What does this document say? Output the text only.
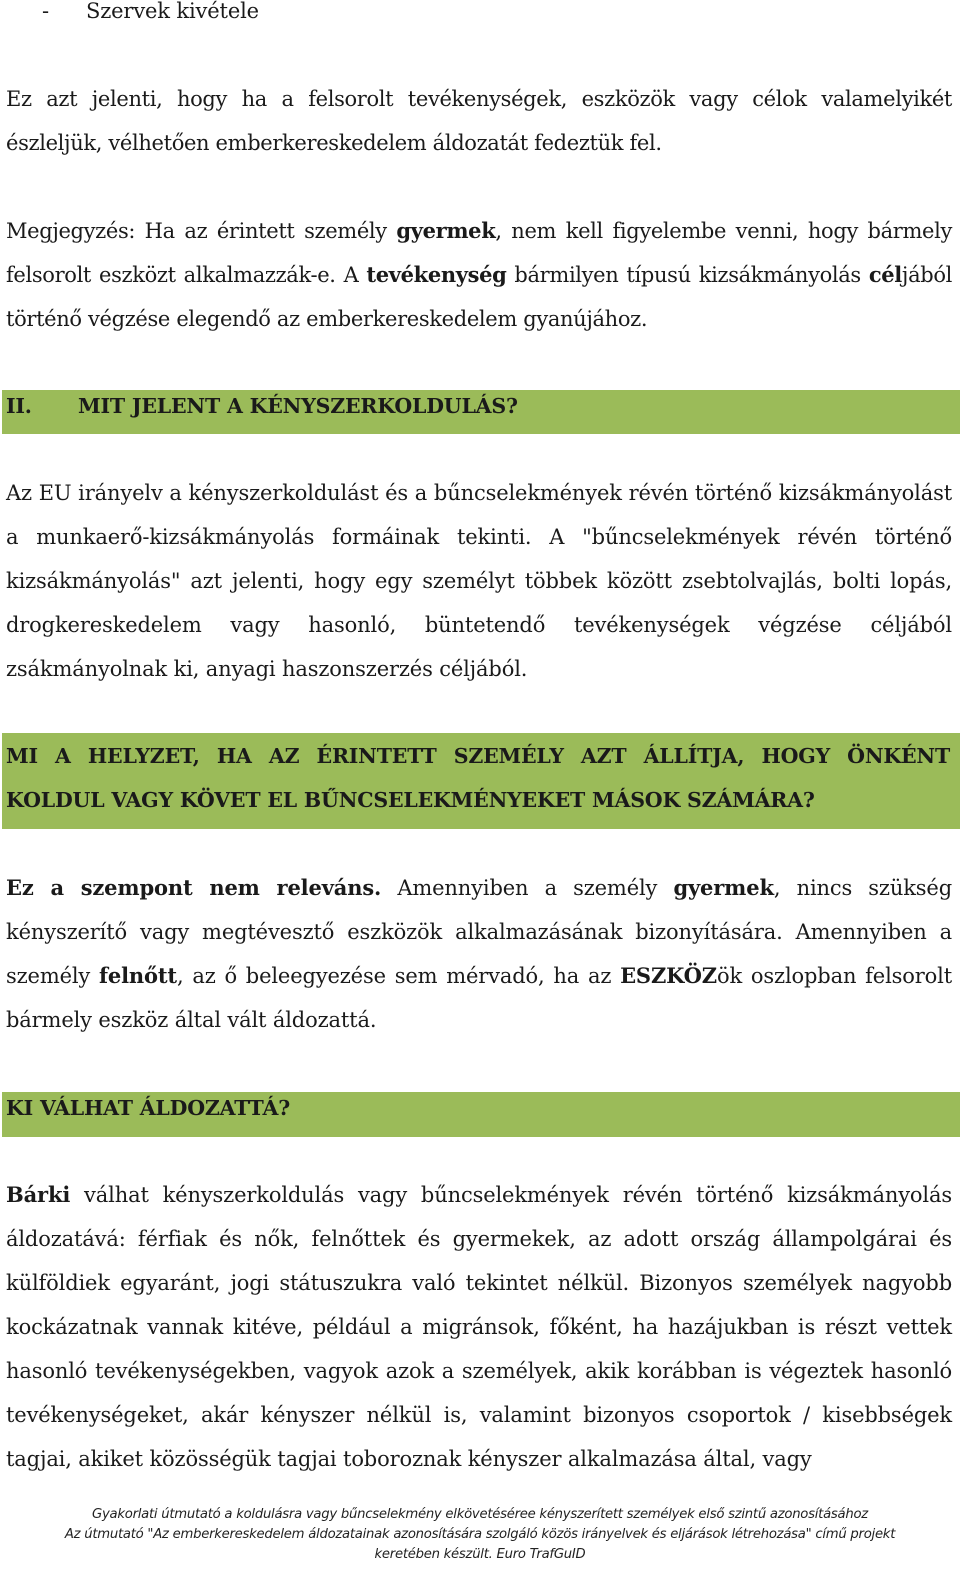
- Szervek kivétele

Ez azt jelenti, hogy ha a felsorolt tevékenységek, eszközök vagy célok valamelyikét észleljük, vélhetően emberkereskedelem áldozatát fedeztük fel.

Megjegyzés: Ha az érintett személy gyermek, nem kell figyelembe venni, hogy bármely felsorolt eszközt alkalmazzák-e. A tevékenység bármilyen típusú kizsákmányolás céljából történő végzése elegendő az emberkereskedelem gyanújához.

II. MIT JELENT A KÉNYSZERKOLDULÁS?

Az EU irányelv a kényszerkoldulást és a bűncselekmények révén történő kizsákmányolást a munkaerő-kizsákmányolás formáinak tekinti. A "bűncselekmények révén történő kizsákmányolás" azt jelenti, hogy egy személyt többek között zsebtolvajlás, bolti lopás, drogkereskedelem vagy hasonló, büntetendő tevékenységek végzése céljából zsákmányolnak ki, anyagi haszonszerzés céljából.

MI A HELYZET, HA AZ ÉRINTETT SZEMÉLY AZT ÁLLÍTJA, HOGY ÖNKÉNT KOLDUL VAGY KÖVET EL BŰNCSELEKMÉNYEKET MÁSOK SZÁMÁRA?

Ez a szempont nem releváns. Amennyiben a személy gyermek, nincs szükség kényszerítő vagy megtévesztő eszközök alkalmazásának bizonyítására. Amennyiben a személy felnőtt, az ő beleegyezése sem mérvadó, ha az ESZKÖZök oszlopban felsorolt bármely eszköz által vált áldozattá.

KI VÁLHAT ÁLDOZATTÁ?

Bárki válhat kényszerkoldulás vagy bűncselekmények révén történő kizsákmányolás áldozatává: férfiak és nők, felnőttek és gyermekek, az adott ország állampolgárai és külföldiek egyaránt, jogi státuszukra való tekintet nélkül. Bizonyos személyek nagyobb kockázatnak vannak kitéve, például a migránsok, főként, ha hazájukban is részt vettek hasonló tevékenységekben, vagyok azok a személyek, akik korábban is végeztek hasonló tevékenységeket, akár kényszer nélkül is, valamint bizonyos csoportok / kisebbségek tagjai, akiket közösségük tagjai toboroznak kényszer alkalmazása által, vagy

Gyakorlati útmutató a koldulásra vagy bűncselekmény elkövetéséree kényszerített személyek első szintű azonosításához
Az útmutató "Az emberkereskedelem áldozatainak azonosítására szolgáló közös irányelvek és eljárások létrehozása" című projekt
keretében készült. Euro TrafGuID
